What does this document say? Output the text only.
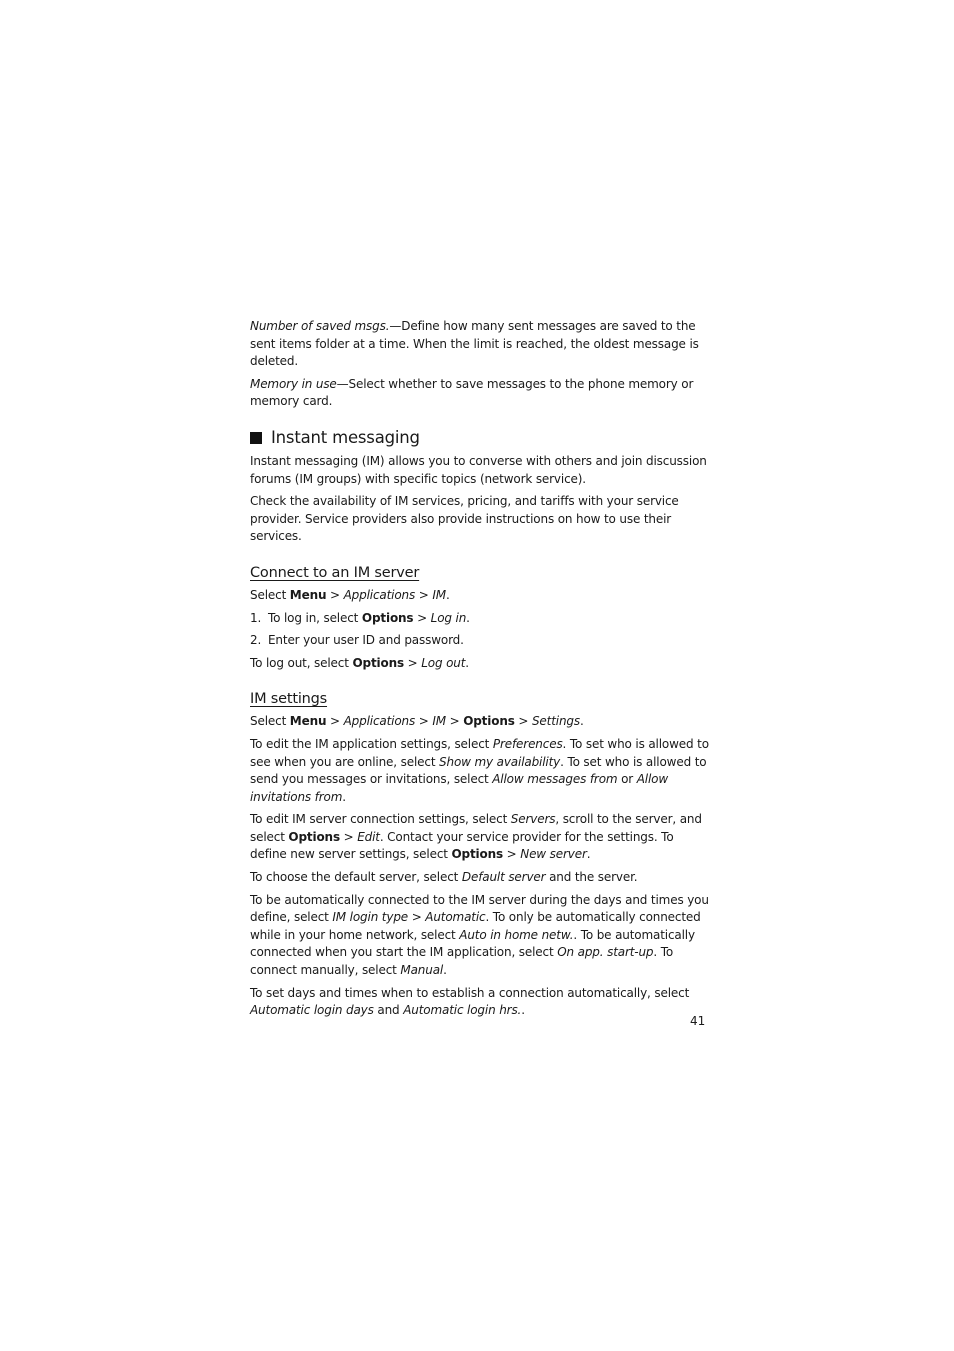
Number of saved msgs.—Define how many sent messages are saved to the sent items folder at a time. When the limit is reached, the oldest message is deleted.

Memory in use—Select whether to save messages to the phone memory or memory card.

Instant messaging

Instant messaging (IM) allows you to converse with others and join discussion forums (IM groups) with specific topics (network service).

Check the availability of IM services, pricing, and tariffs with your service provider. Service providers also provide instructions on how to use their services.

Connect to an IM server

Select Menu > Applications > IM.

1. To log in, select Options > Log in.

2. Enter your user ID and password.

To log out, select Options > Log out.

IM settings

Select Menu > Applications > IM > Options > Settings.

To edit the IM application settings, select Preferences. To set who is allowed to see when you are online, select Show my availability. To set who is allowed to send you messages or invitations, select Allow messages from or Allow invitations from.

To edit IM server connection settings, select Servers, scroll to the server, and select Options > Edit. Contact your service provider for the settings. To define new server settings, select Options > New server.

To choose the default server, select Default server and the server.

To be automatically connected to the IM server during the days and times you define, select IM login type > Automatic. To only be automatically connected while in your home network, select Auto in home netw.. To be automatically connected when you start the IM application, select On app. start-up. To connect manually, select Manual.

To set days and times when to establish a connection automatically, select Automatic login days and Automatic login hrs..

41
